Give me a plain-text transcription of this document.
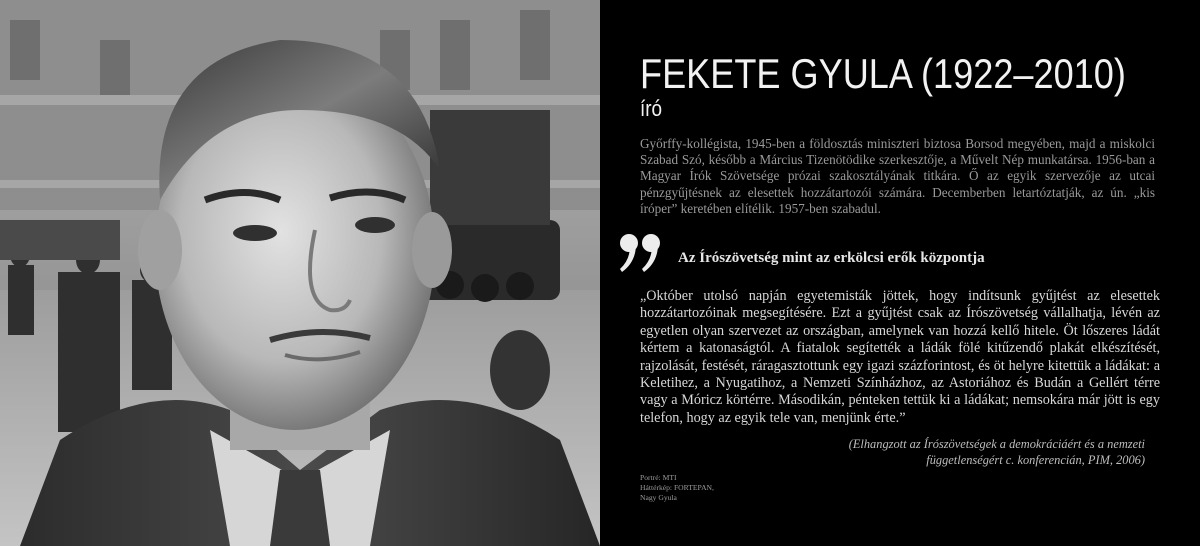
FEKETE GYULA (1922–2010)
író

Győrffy-kollégista, 1945-ben a földosztás miniszteri biztosa Borsod megyében, majd a miskolci Szabad Szó, később a Március Tizenötödike szerkesztője, a Művelt Nép munkatársa. 1956-ban a Magyar Írók Szövetsége prózai szakosztályának titkára. Ő az egyik szervezője az utcai pénzgyűjtésnek az elesettek hozzátartozói számára. Decemberben letartóztatják, az ún. „kis íróper” keretében elítélik. 1957-ben szabadul.

Az Írószövetség mint az erkölcsi erők központja

„Október utolsó napján egyetemisták jöttek, hogy indítsunk gyűjtést az elesettek hozzátartozóinak megsegítésére. Ezt a gyűjtést csak az Írószövetség vállalhatja, lévén az egyetlen olyan szervezet az országban, amelynek van hozzá kellő hitele. Öt lőszeres ládát kértem a katonaságtól. A fiatalok segítették a ládák fölé kitűzendő plakát elkészítését, rajzolását, festését, ráragasztottunk egy igazi százforintost, és öt helyre kitettük a ládákat: a Keletihez, a Nyugatihoz, a Nemzeti Színházhoz, az Astoriához és Budán a Gellért térre vagy a Móricz körtérre. Másodikán, pénteken tettük ki a ládákat; nemsokára már jött is egy telefon, hogy az egyik tele van, menjünk érte.”

(Elhangzott az Írószövetségek a demokráciáért és a nemzeti függetlenségért c. konferencián, PIM, 2006)

Portré: MTI
Háttérkép: FORTEPAN,
Nagy Gyula
